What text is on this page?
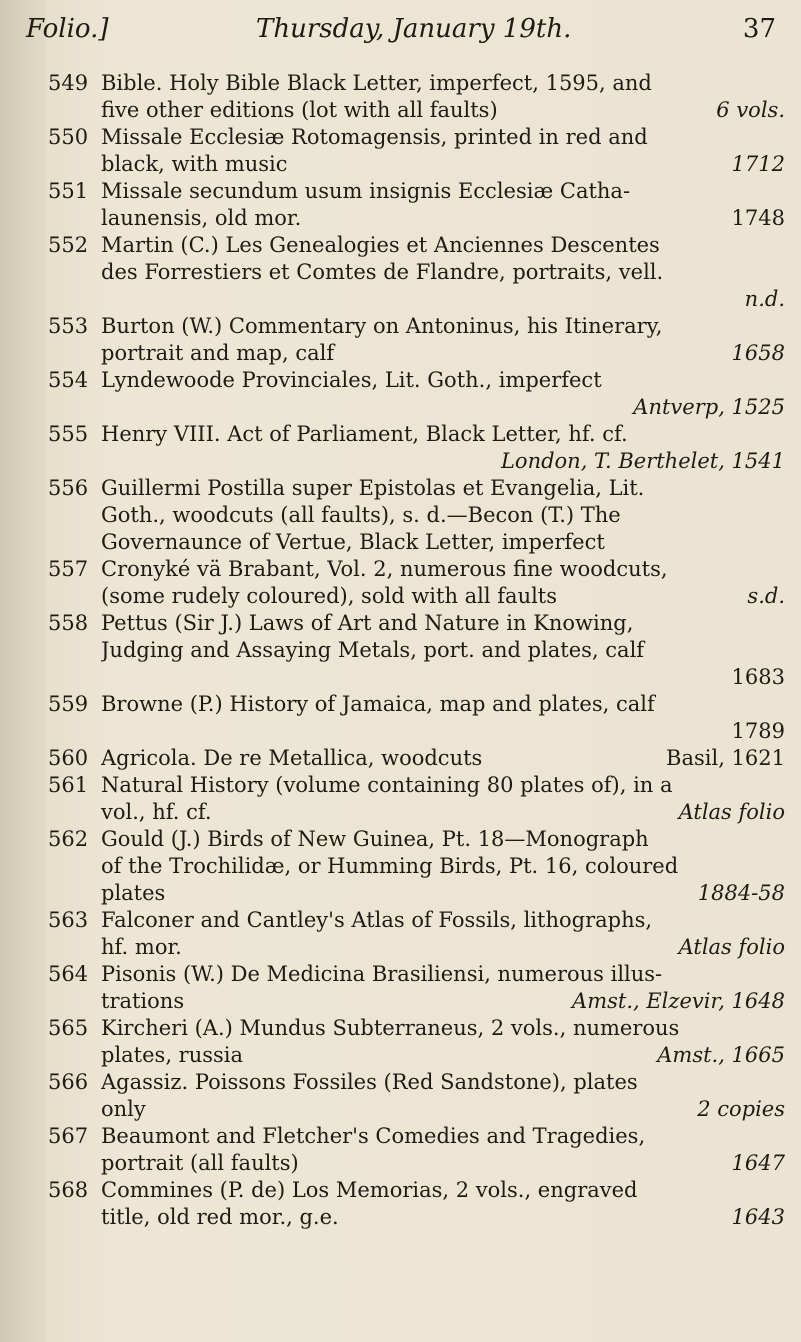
Folio.]	Thursday, January 19th.	37
549 Bible. Holy Bible Black Letter, imperfect, 1595, and
five other editions (lot with all faults)	6 vols.
550 Missale Ecclesiæ Rotomagensis, printed in red and
black, with music	1712
551 Missale secundum usum insignis Ecclesiæ Catha-
launensis, old mor.	1748
552 Martin (C.) Les Genealogies et Anciennes Descentes
des Forrestiers et Comtes de Flandre, portraits, vell.
n.d.
553 Burton (W.) Commentary on Antoninus, his Itinerary,
portrait and map, calf	1658
554 Lyndewoode Provinciales, Lit. Goth., imperfect
Antverp, 1525
555 Henry VIII. Act of Parliament, Black Letter, hf. cf.
London, T. Berthelet, 1541
556 Guillermi Postilla super Epistolas et Evangelia, Lit.
Goth., woodcuts (all faults), s. d.—Becon (T.) The
Governaunce of Vertue, Black Letter, imperfect
557 Cronyké vä Brabant, Vol. 2, numerous fine woodcuts,
(some rudely coloured), sold with all faults	s.d.
558 Pettus (Sir J.) Laws of Art and Nature in Knowing,
Judging and Assaying Metals, port. and plates, calf
1683
559 Browne (P.) History of Jamaica, map and plates, calf
1789
560 Agricola. De re Metallica, woodcuts	Basil, 1621
561 Natural History (volume containing 80 plates of), in a
vol., hf. cf.	Atlas folio
562 Gould (J.) Birds of New Guinea, Pt. 18—Monograph
of the Trochilidæ, or Humming Birds, Pt. 16, coloured
plates	1884-58
563 Falconer and Cantley's Atlas of Fossils, lithographs,
hf. mor.	Atlas folio
564 Pisonis (W.) De Medicina Brasiliensi, numerous illus-
trations	Amst., Elzevir, 1648
565 Kircheri (A.) Mundus Subterraneus, 2 vols., numerous
plates, russia	Amst., 1665
566 Agassiz. Poissons Fossiles (Red Sandstone), plates
only	2 copies
567 Beaumont and Fletcher's Comedies and Tragedies,
portrait (all faults)	1647
568 Commines (P. de) Los Memorias, 2 vols., engraved
title, old red mor., g.e.	1643
